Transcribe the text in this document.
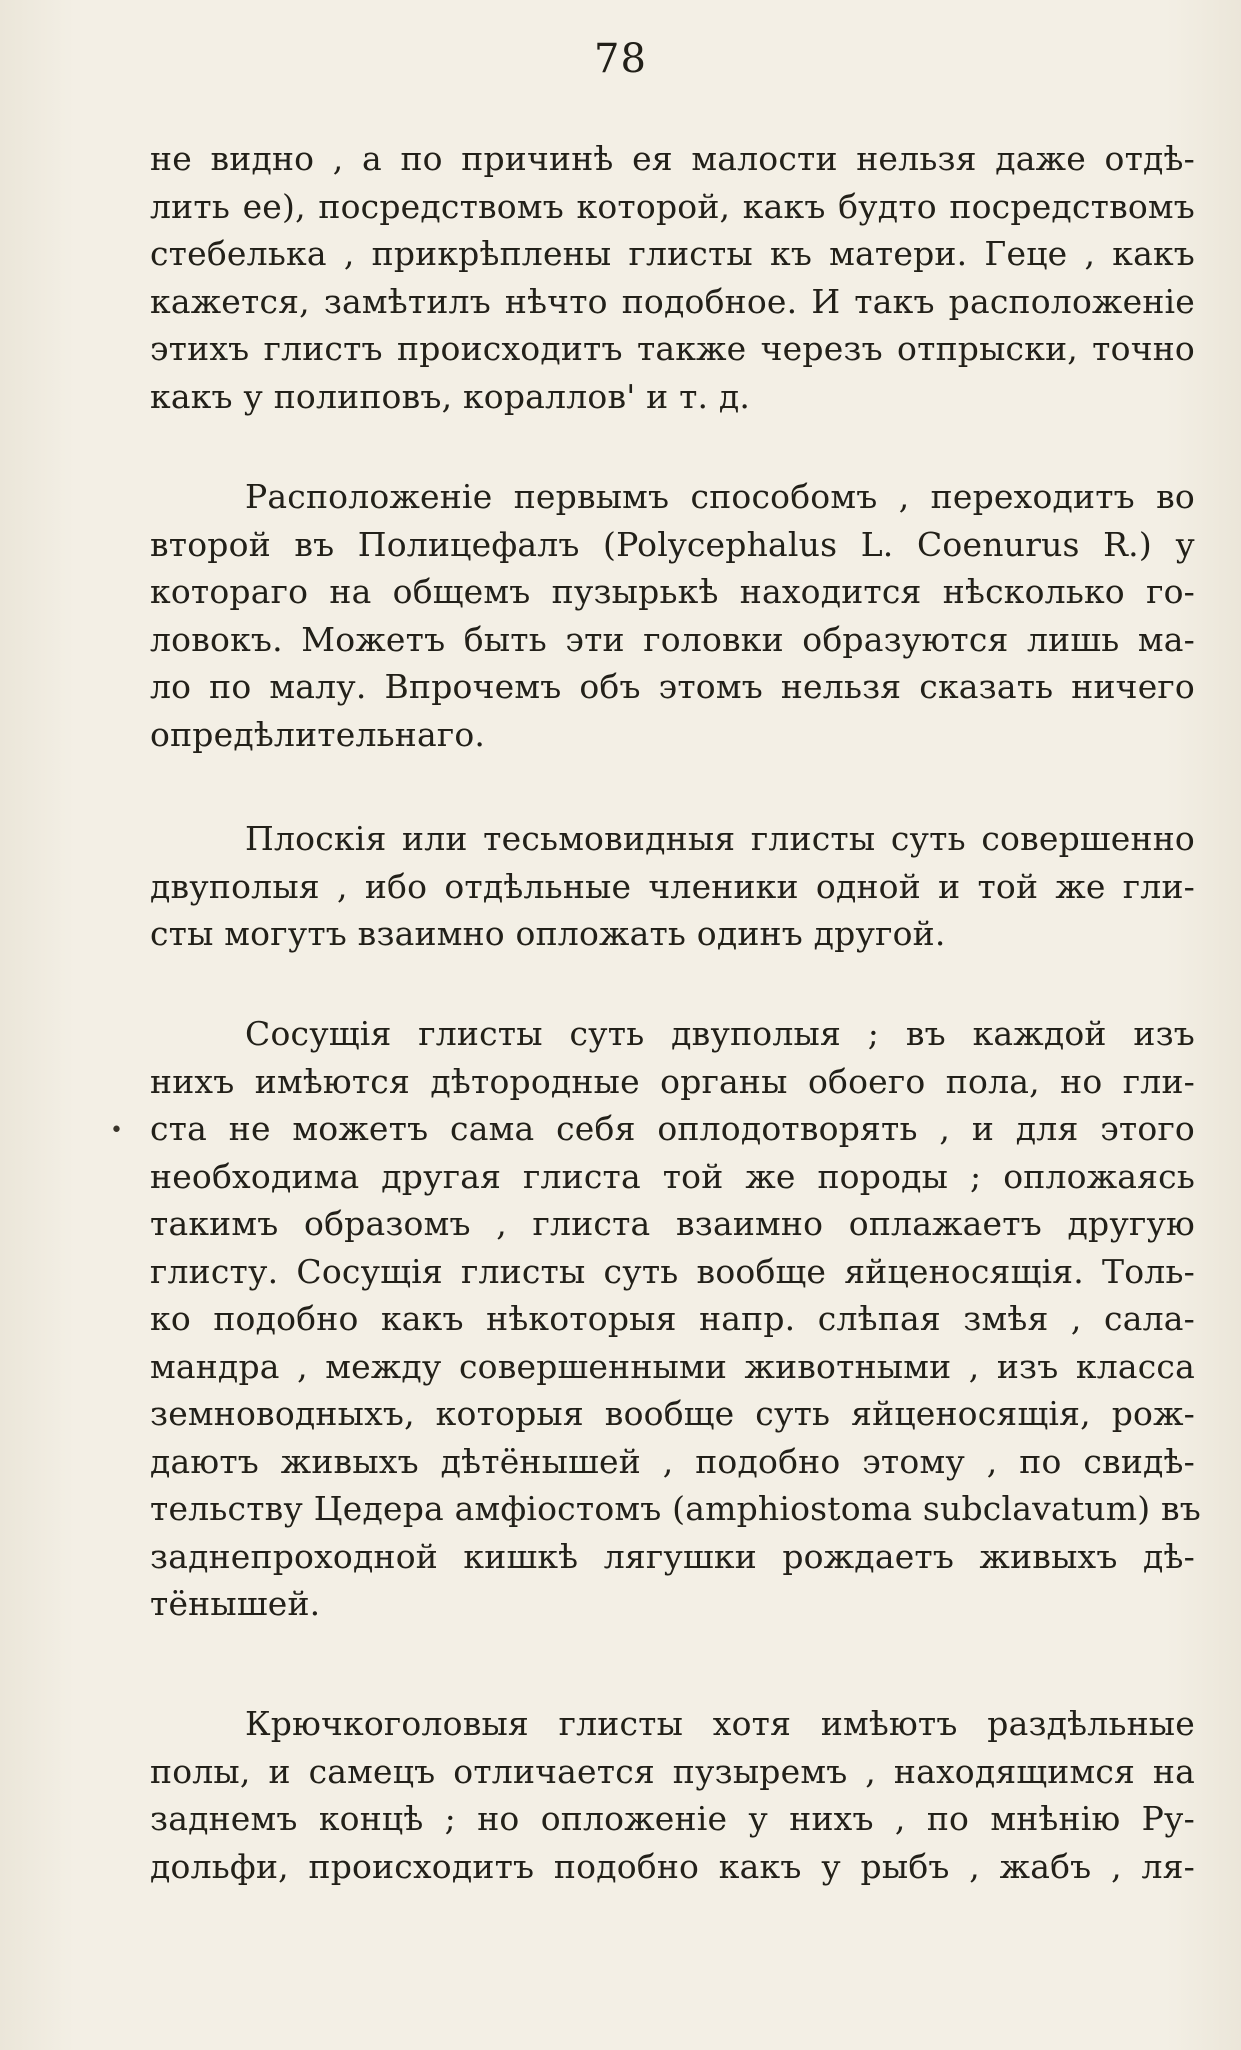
78
не видно , а по причинѣ ея малости нельзя даже отдѣ-
лить ее), посредствомъ которой, какъ будто посредствомъ
стебелька , прикрѣплены глисты къ матери. Геце , какъ
кажется, замѣтилъ нѣчто подобное. И такъ расположеніе
этихъ глистъ происходитъ также черезъ отпрыски, точно
какъ у полиповъ, кораллов' и т. д.
Расположеніе первымъ способомъ , переходитъ во
второй въ Полицефалъ (Polycephalus L. Coenurus R.) у
котораго на общемъ пузырькѣ находится нѣсколько го-
ловокъ. Можетъ быть эти головки образуются лишь ма-
ло по малу. Впрочемъ объ этомъ нельзя сказать ничего
опредѣлительнаго.
Плоскія или тесьмовидныя глисты суть совершенно
двуполыя , ибо отдѣльные членики одной и той же гли-
сты могутъ взаимно опложать одинъ другой.
Сосущія глисты суть двуполыя ; въ каждой изъ
нихъ имѣются дѣтородные органы обоего пола, но гли-
ста не можетъ сама себя оплодотворять , и для этого
необходима другая глиста той же породы ; опложаясь
такимъ образомъ , глиста взаимно оплажаетъ другую
глисту. Сосущія глисты суть вообще яйценосящія. Толь-
ко подобно какъ нѣкоторыя напр. слѣпая змѣя , сала-
мандра , между совершенными животными , изъ класса
земноводныхъ, которыя вообще суть яйценосящія, рож-
даютъ живыхъ дѣтёнышей , подобно этому , по свидѣ-
тельству Цедера амфіостомъ (amphiostoma subclavatum) въ
заднепроходной кишкѣ лягушки рождаетъ живыхъ дѣ-
тёнышей.
Крючкоголовыя глисты хотя имѣютъ раздѣльные
полы, и самецъ отличается пузыремъ , находящимся на
заднемъ концѣ ; но опложеніе у нихъ , по мнѣнію Ру-
дольфи, происходитъ подобно какъ у рыбъ , жабъ , ля-
•
